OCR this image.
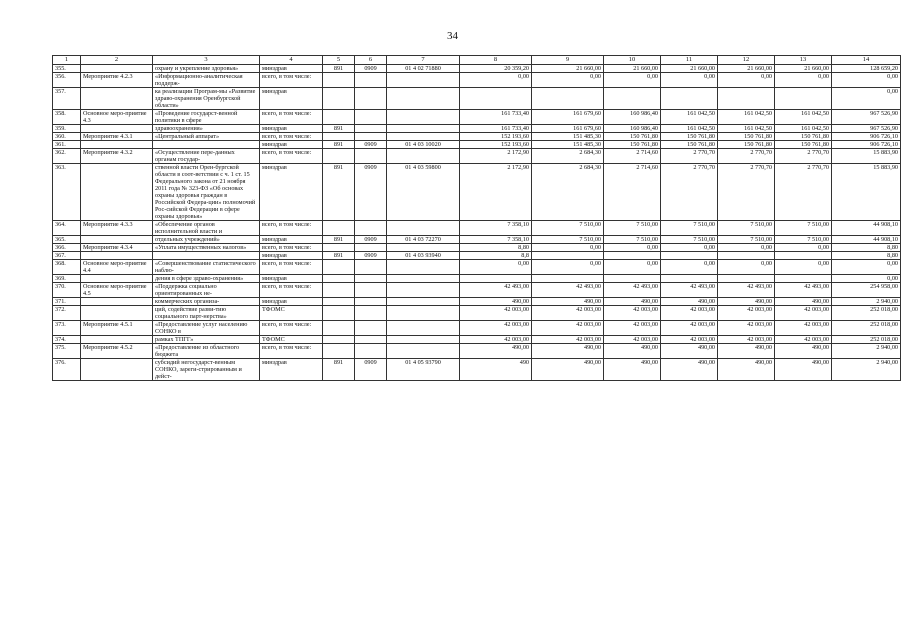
34
1	2	3	4	5	6	7	8	9	10	11	12	13	14
355.		охрану и укрепление здоровья»	минздрав	891	0909	01 4 02 71880	20 359,20	21 660,00	21 660,00	21 660,00	21 660,00	21 660,00	128 659,20
356.	Мероприятие 4.2.3	«Информационно-аналитическая поддерж-	всего, в том числе:				0,00	0,00	0,00	0,00	0,00	0,00	0,00
357.		ка реализации Програм-мы «Развитие здраво-охранения Оренбургской области»	минздрав										0,00
358.	Основное меро-приятие 4.3	«Проведение государст-венной политики в сфере	всего, в том числе:				161 733,40	161 679,60	160 986,40	161 042,50	161 042,50	161 042,50	967 526,90
359.		здравоохранения»	минздрав	891			161 733,40	161 679,60	160 986,40	161 042,50	161 042,50	161 042,50	967 526,90
360.	Мероприятие 4.3.1	«Центральный аппарат»	всего, в том числе:				152 193,60	151 485,30	150 761,80	150 761,80	150 761,80	150 761,80	906 726,10
361.			минздрав	891	0909	01 4 03 10020	152 193,60	151 485,30	150 761,80	150 761,80	150 761,80	150 761,80	906 726,10
362.	Мероприятие 4.3.2	«Осуществление пере-данных органам государ-	всего, в том числе:				2 172,90	2 684,30	2 714,60	2 770,70	2 770,70	2 770,70	15 883,90
363.		ственной власти Орен-бургской области в соот-ветствии с ч. 1 ст. 15 Федерального закона от 21 ноября 2011 года № 323-ФЗ «Об основах охраны здоровья граждан в Российской Федера-ции» полномочий Рос-сийской Федерации в сфере охраны здоровья»	минздрав	891	0909	01 4 03 59800	2 172,90	2 684,30	2 714,60	2 770,70	2 770,70	2 770,70	15 883,90
364.	Мероприятие 4.3.3	«Обеспечение органов исполнительной власти и	всего, в том числе:				7 358,10	7 510,00	7 510,00	7 510,00	7 510,00	7 510,00	44 908,10
365.		отдельных учреждений»	минздрав	891	0909	01 4 03 72270	7 358,10	7 510,00	7 510,00	7 510,00	7 510,00	7 510,00	44 908,10
366.	Мероприятие 4.3.4	«Уплата имущественных налогов»	всего, в том числе:				8,80	0,00	0,00	0,00	0,00	0,00	8,80
367.			минздрав	891	0909	01 4 03 93940	8,8						8,80
368.	Основное меро-приятие 4.4	«Совершенствование статистического наблю-	всего, в том числе:				0,00	0,00	0,00	0,00	0,00	0,00	0,00
369.		дения в сфере здраво-охранения»	минздрав										0,00
370.	Основное меро-приятие 4.5	«Поддержка социально ориентированных не-	всего, в том числе:				42 493,00	42 493,00	42 493,00	42 493,00	42 493,00	42 493,00	254 958,00
371.		коммерческих организа-	минздрав				490,00	490,00	490,00	490,00	490,00	490,00	2 940,00
372.		ций, содействие разви-тию социального парт-нерства»	ТФОМС				42 003,00	42 003,00	42 003,00	42 003,00	42 003,00	42 003,00	252 018,00
373.	Мероприятие 4.5.1	«Предоставление услуг населению СОНКО в	всего, в том числе:				42 003,00	42 003,00	42 003,00	42 003,00	42 003,00	42 003,00	252 018,00
374.		рамках ТПГГ»	ТФОМС				42 003,00	42 003,00	42 003,00	42 003,00	42 003,00	42 003,00	252 018,00
375.	Мероприятие 4.5.2	«Предоставление из областного бюджета	всего, в том числе:				490,00	490,00	490,00	490,00	490,00	490,00	2 940,00
376.		субсидий негосударст-венным СОНКО, зареги-стрированным и дейст-	минздрав	891	0909	01 4 05 93790	490	490,00	490,00	490,00	490,00	490,00	2 940,00
